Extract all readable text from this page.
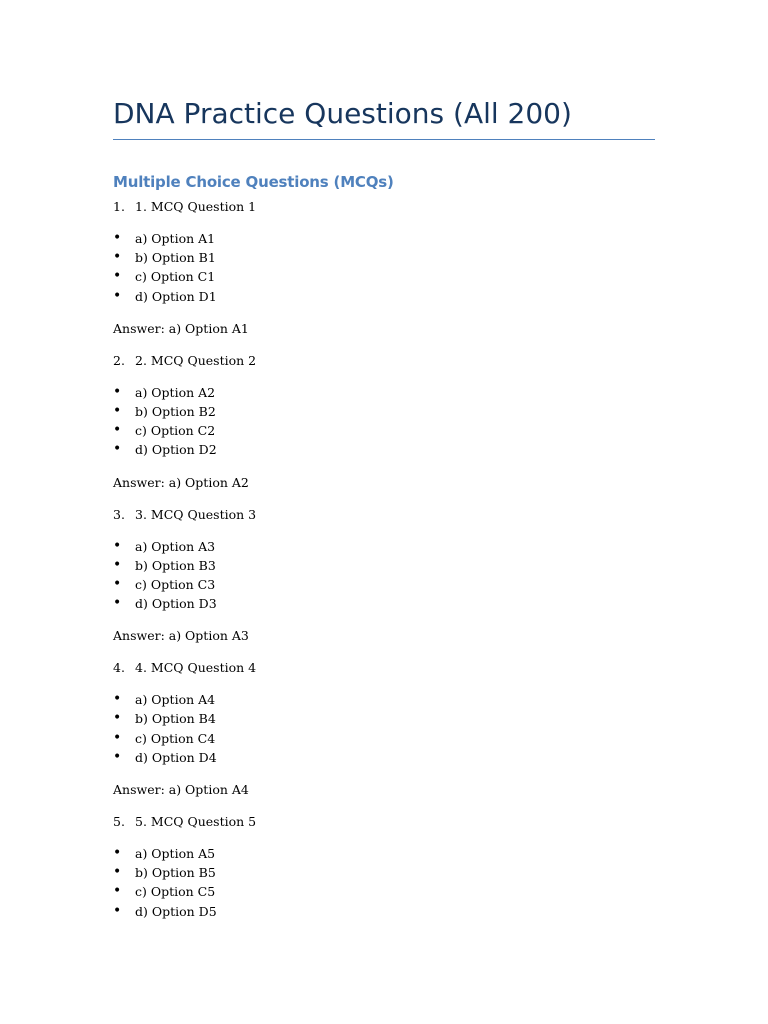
DNA Practice Questions (All 200)
Multiple Choice Questions (MCQs)
1. 1. MCQ Question 1
•	a) Option A1
•	b) Option B1
•	c) Option C1
•	d) Option D1

Answer: a) Option A1

2. 2. MCQ Question 2
•	a) Option A2
•	b) Option B2
•	c) Option C2
•	d) Option D2

Answer: a) Option A2

3. 3. MCQ Question 3
•	a) Option A3
•	b) Option B3
•	c) Option C3
•	d) Option D3

Answer: a) Option A3

4. 4. MCQ Question 4
•	a) Option A4
•	b) Option B4
•	c) Option C4
•	d) Option D4

Answer: a) Option A4

5. 5. MCQ Question 5
•	a) Option A5
•	b) Option B5
•	c) Option C5
•	d) Option D5
